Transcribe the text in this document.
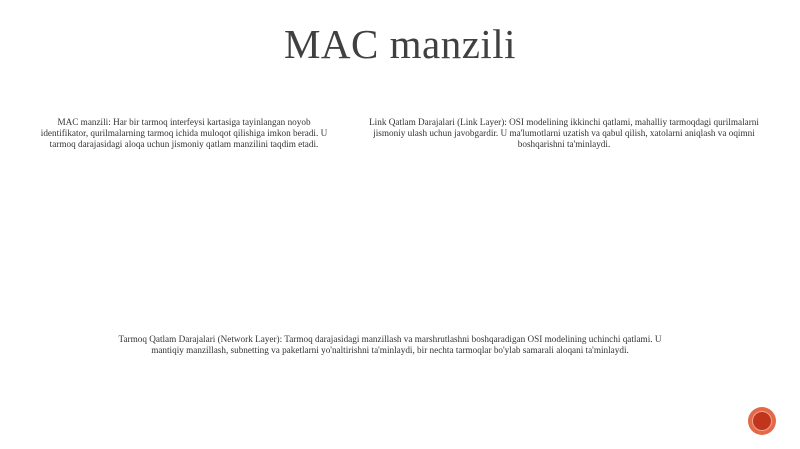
MAC manzili
MAC manzili: Har bir tarmoq interfeysi kartasiga tayinlangan noyob identifikator, qurilmalarning tarmoq ichida muloqot qilishiga imkon beradi. U tarmoq darajasidagi aloqa uchun jismoniy qatlam manzilini taqdim etadi.
Link Qatlam Darajalari (Link Layer): OSI modelining ikkinchi qatlami, mahalliy tarmoqdagi qurilmalarni jismoniy ulash uchun javobgardir. U ma'lumotlarni uzatish va qabul qilish, xatolarni aniqlash va oqimni boshqarishni ta'minlaydi.
Tarmoq Qatlam Darajalari (Network Layer): Tarmoq darajasidagi manzillash va marshrutlashni boshqaradigan OSI modelining uchinchi qatlami. U mantiqiy manzillash, subnetting va paketlarni yo'naltirishni ta'minlaydi, bir nechta tarmoqlar bo'ylab samarali aloqani ta'minlaydi.
